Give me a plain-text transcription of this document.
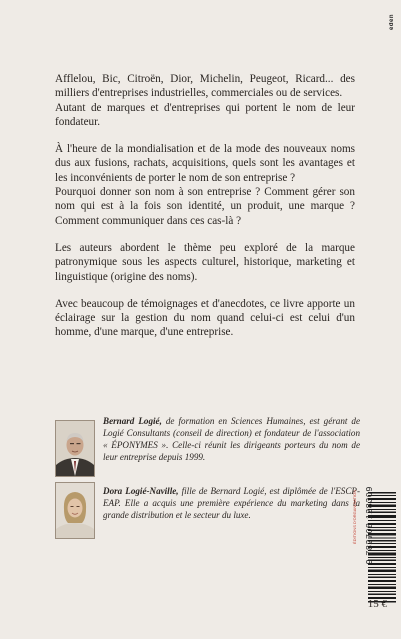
eden

Afflelou, Bic, Citroën, Dior, Michelin, Peugeot, Ricard... des milliers d'entreprises industrielles, commerciales ou de services.
Autant de marques et d'entreprises qui portent le nom de leur fondateur.

À l'heure de la mondialisation et de la mode des nouveaux noms dus aux fusions, rachats, acquisitions, quels sont les avantages et les inconvénients de porter le nom de son entreprise ?
Pourquoi donner son nom à son entreprise ? Comment gérer son nom qui est à la fois son identité, un produit, une marque ? Comment communiquer dans ces cas-là ?

Les auteurs abordent le thème peu exploré de la marque patronymique sous les aspects culturel, historique, marketing et linguistique (origine des noms).

Avec beaucoup de témoignages et d'anecdotes, ce livre apporte un éclairage sur la gestion du nom quand celui-ci est celui d'un homme, d'une marque, d'une entreprise.

Bernard Logié, de formation en Sciences Humaines, est gérant de Logié Consultants (conseil de direction) et fondateur de l'association « ÉPONYMES ». Celle-ci réunit les dirigeants porteurs du nom de leur entreprise depuis 1999.
Dora Logié-Naville, fille de Bernard Logié, est diplômée de l'ESCP-EAP. Elle a acquis une première expérience du marketing dans la grande distribution et le secteur du luxe.	ÉDITIONS D'ORGANISATION 9 782708 128309
15 €
